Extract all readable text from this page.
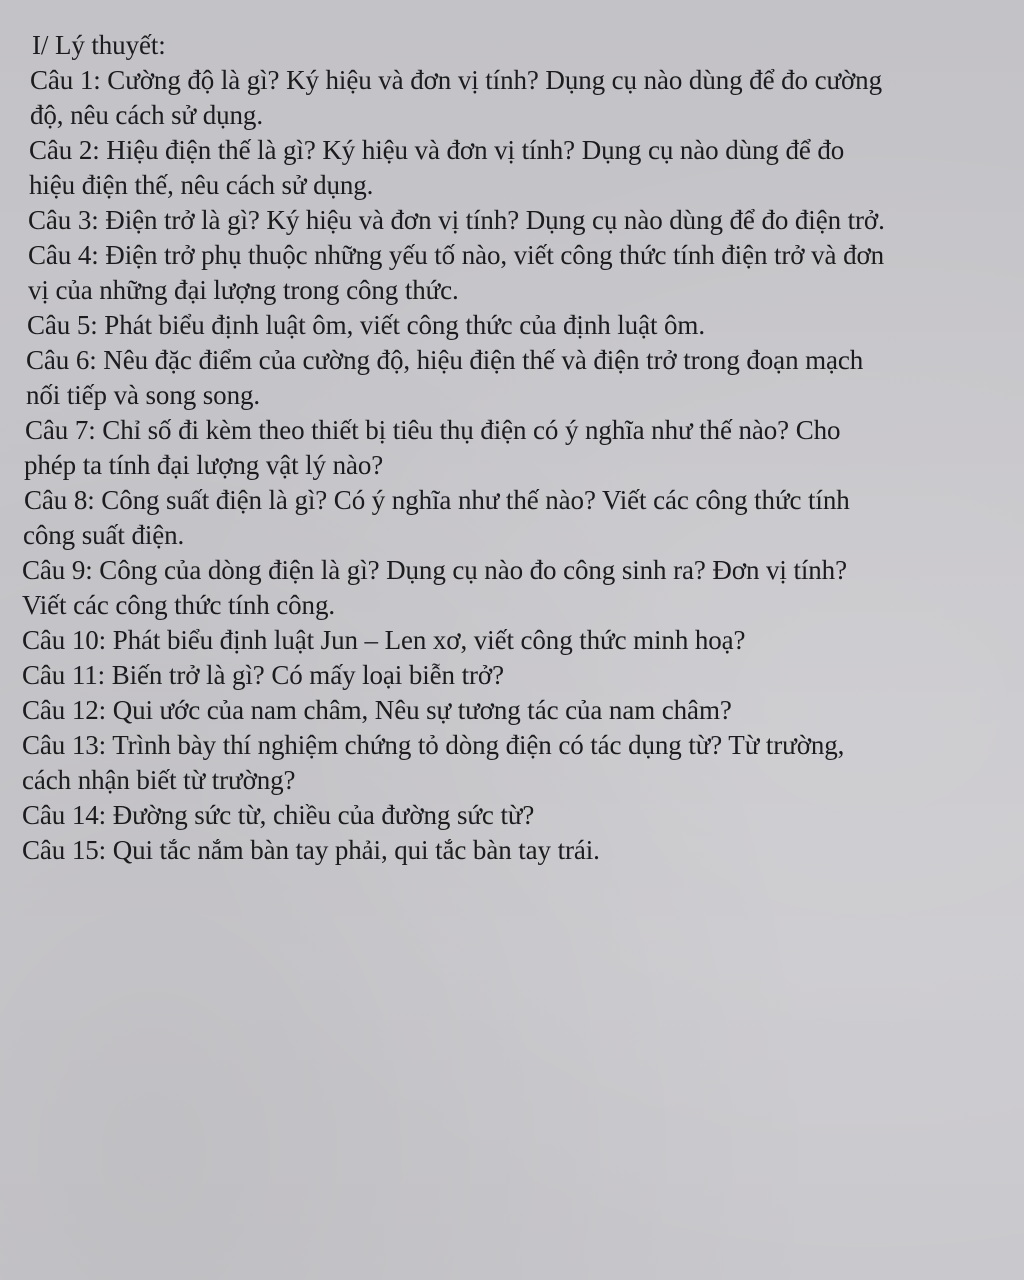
I/ Lý thuyết:
Câu 1: Cường độ là gì? Ký hiệu và đơn vị tính? Dụng cụ nào dùng để đo cường
độ, nêu cách sử dụng.
Câu 2: Hiệu điện thế là gì? Ký hiệu và đơn vị tính? Dụng cụ nào dùng để đo
hiệu điện thế, nêu cách sử dụng.
Câu 3: Điện trở là gì? Ký hiệu và đơn vị tính? Dụng cụ nào dùng để đo điện trở.
Câu 4: Điện trở phụ thuộc những yếu tố nào, viết công thức tính điện trở và đơn
vị của những đại lượng trong công thức.
Câu 5: Phát biểu định luật ôm, viết công thức của định luật ôm.
Câu 6: Nêu đặc điểm của cường độ, hiệu điện thế và điện trở trong đoạn mạch
nối tiếp và song song.
Câu 7: Chỉ số đi kèm theo thiết bị tiêu thụ điện có ý nghĩa như thế nào? Cho
phép ta tính đại lượng vật lý nào?
Câu 8: Công suất điện là gì? Có ý nghĩa như thế nào? Viết các công thức tính
công suất điện.
Câu 9: Công của dòng điện là gì? Dụng cụ nào đo công sinh ra? Đơn vị tính?
Viết các công thức tính công.
Câu 10: Phát biểu định luật Jun – Len xơ, viết công thức minh hoạ?
Câu 11: Biến trở là gì? Có mấy loại biễn trở?
Câu 12: Qui ước của nam châm, Nêu sự tương tác của nam châm?
Câu 13: Trình bày thí nghiệm chứng tỏ dòng điện có tác dụng từ? Từ trường,
cách nhận biết từ trường?
Câu 14: Đường sức từ, chiều của đường sức từ?
Câu 15: Qui tắc nắm bàn tay phải, qui tắc bàn tay trái.
